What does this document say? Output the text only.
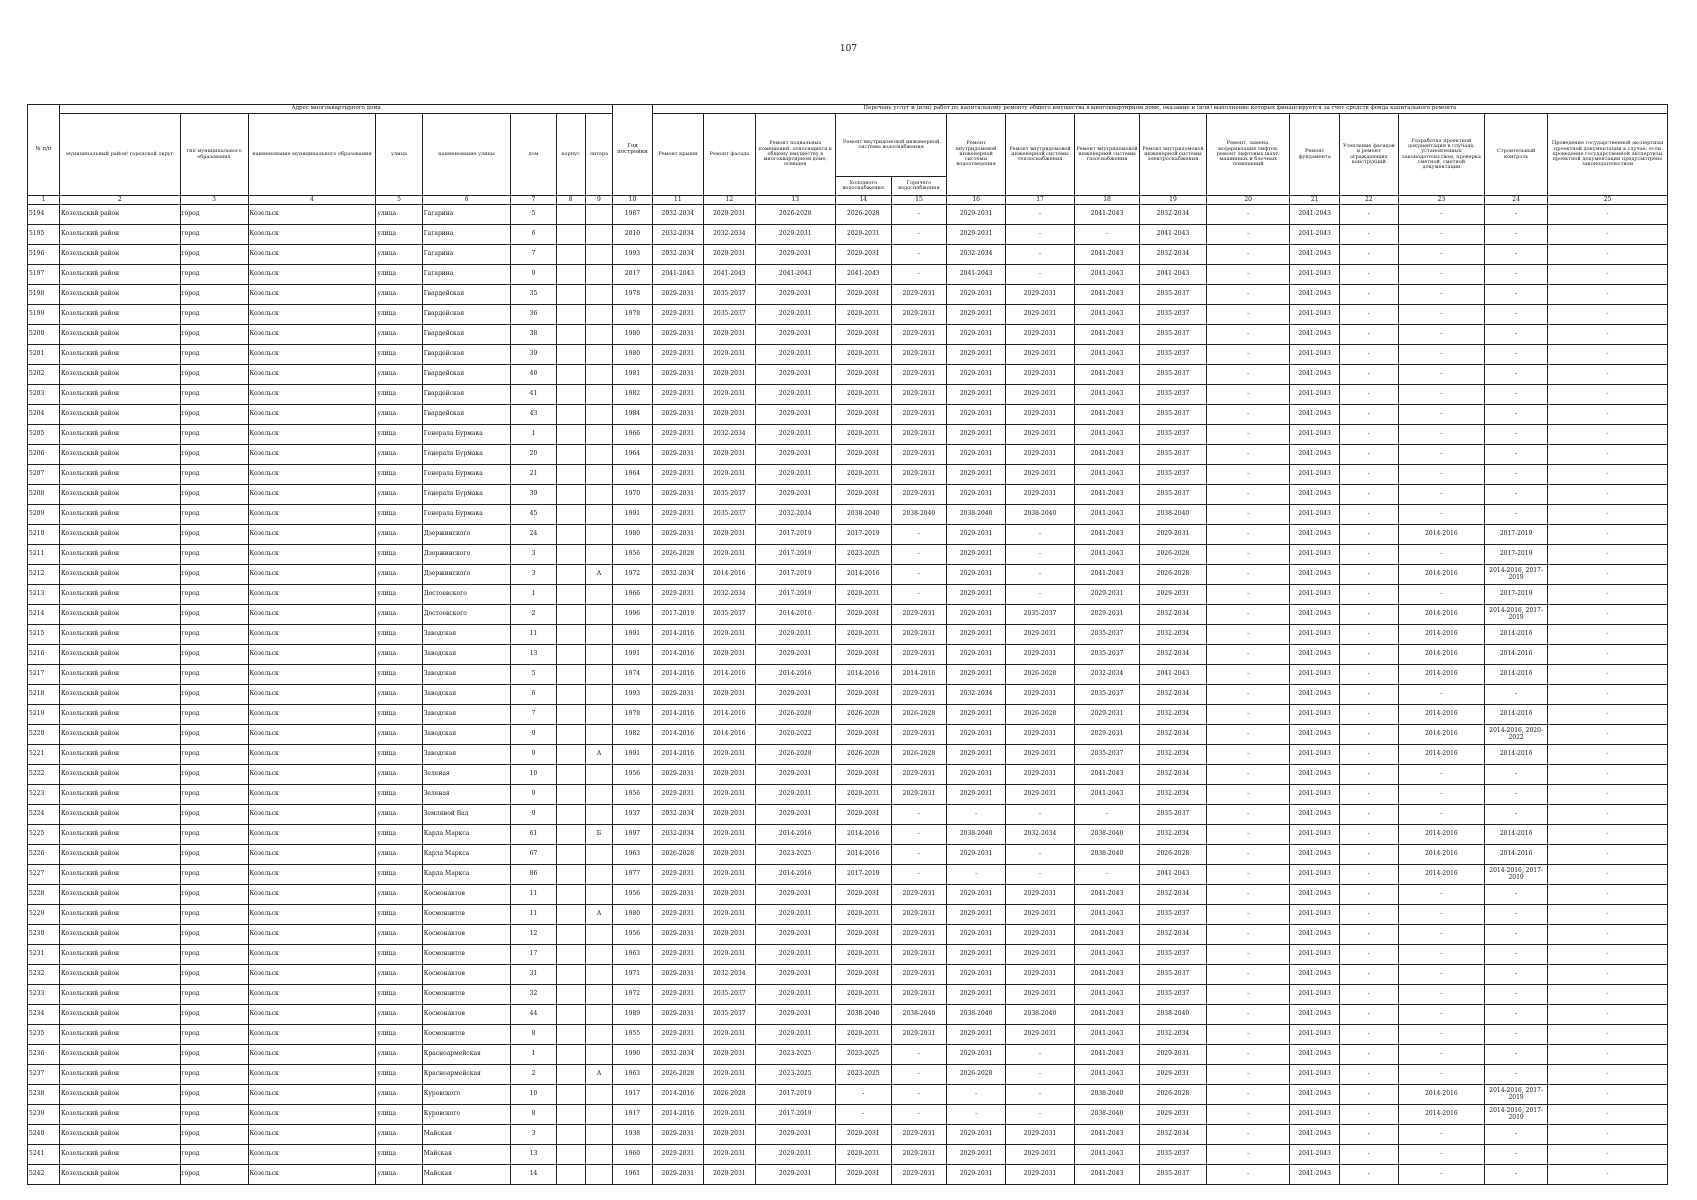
107
№ п/п	Адрес многоквартирного дома								Год постройки	Перечень услуг и (или) работ по капитальному ремонту общего имущества в многоквартирном доме, оказание и (или) выполнение которых финансируется за счет средств фонда капитального ремонта														
	муниципальный район/ городской округ	тип муниципального образования	наименование муниципального образования	улица	наименование улицы	дом	корпус	литера		Ремонт крыши	Ремонт фасада	Ремонт подвальных помещений, относящихся к общему имуществу в многоквартирном доме, освещен	Ремонт внутридомовой инженерной системы водоснабжения		Ремонт внутридомовой инженерной системы водоотведения	Ремонт внутридомовой инженерной системы теплоснабжения	Ремонт внутридомовой инженерной системы газоснабжения	Ремонт внутридомовой инженерной системы электроснабжения	Ремонт, замена, модернизация лифтов, ремонт лифтовых шахт, машинных и блочных помещений	Ремонт фундамента	Утепление фасадов и ремонт ограждающих конструкций	Разработка проектной документации в случаях, установленных законодательством, проверка сметной, сметной документации	Строительный контроль	Проведение государственной экспертизы проектной документации в случае, если проведение государственной экспертизы проектной документации предусмотрено законодательством
													Холодного водоснабжения	Горячего водоснабжения										
1	2	3	4	5	6	7	8	9	10	11	12	13	14	15	16	17	18	19	20	21	22	23	24	25
5194	Козельский район	город	Козельск	улица	Гагарина	5			1987	2032-2034	2029-2031	2026-2028	2026-2028	-	2029-2031	-	2041-2043	2032-2034	-	2041-2043	-	-	-	-
5195	Козельский район	город	Козельск	улица	Гагарина	6			2010	2032-2034	2032-2034	2029-2031	2029-2031	-	2029-2031	-	-	2041-2043	-	2041-2043	-	-	-	-
5196	Козельский район	город	Козельск	улица	Гагарина	7			1993	2032-2034	2029-2031	2029-2031	2029-2031	-	2032-2034	-	2041-2043	2032-2034	-	2041-2043	-	-	-	-
5197	Козельский район	город	Козельск	улица	Гагарина	9			2017	2041-2043	2041-2043	2041-2043	2041-2043	-	2041-2043	-	2041-2043	2041-2043	-	2041-2043	-	-	-	-
5198	Козельский район	город	Козельск	улица	Гвардейская	35			1978	2029-2031	2035-2037	2029-2031	2029-2031	2029-2031	2029-2031	2029-2031	2041-2043	2035-2037	-	2041-2043	-	-	-	-
5199	Козельский район	город	Козельск	улица	Гвардейская	36			1978	2029-2031	2035-2037	2029-2031	2029-2031	2029-2031	2029-2031	2029-2031	2041-2043	2035-2037	-	2041-2043	-	-	-	-
5200	Козельский район	город	Козельск	улица	Гвардейская	38			1980	2029-2031	2029-2031	2029-2031	2029-2031	2029-2031	2029-2031	2029-2031	2041-2043	2035-2037	-	2041-2043	-	-	-	-
5201	Козельский район	город	Козельск	улица	Гвардейская	39			1980	2029-2031	2029-2031	2029-2031	2029-2031	2029-2031	2029-2031	2029-2031	2041-2043	2035-2037	-	2041-2043	-	-	-	-
5202	Козельский район	город	Козельск	улица	Гвардейская	40			1981	2029-2031	2029-2031	2029-2031	2029-2031	2029-2031	2029-2031	2029-2031	2041-2043	2035-2037	-	2041-2043	-	-	-	-
5203	Козельский район	город	Козельск	улица	Гвардейская	41			1982	2029-2031	2029-2031	2029-2031	2029-2031	2029-2031	2029-2031	2029-2031	2041-2043	2035-2037	-	2041-2043	-	-	-	-
5204	Козельский район	город	Козельск	улица	Гвардейская	43			1984	2029-2031	2029-2031	2029-2031	2029-2031	2029-2031	2029-2031	2029-2031	2041-2043	2035-2037	-	2041-2043	-	-	-	-
5205	Козельский район	город	Козельск	улица	Генерала Бурмака	1			1966	2029-2031	2032-2034	2029-2031	2029-2031	2029-2031	2029-2031	2029-2031	2041-2043	2035-2037	-	2041-2043	-	-	-	-
5206	Козельский район	город	Козельск	улица	Генерала Бурмака	20			1964	2029-2031	2029-2031	2029-2031	2029-2031	2029-2031	2029-2031	2029-2031	2041-2043	2035-2037	-	2041-2043	-	-	-	-
5207	Козельский район	город	Козельск	улица	Генерала Бурмака	21			1964	2029-2031	2029-2031	2029-2031	2029-2031	2029-2031	2029-2031	2029-2031	2041-2043	2035-2037	-	2041-2043	-	-	-	-
5208	Козельский район	город	Козельск	улица	Генерала Бурмака	39			1970	2029-2031	2035-2037	2029-2031	2029-2031	2029-2031	2029-2031	2029-2031	2041-2043	2035-2037	-	2041-2043	-	-	-	-
5209	Козельский район	город	Козельск	улица	Генерала Бурмака	45			1991	2029-2031	2035-2037	2032-2034	2038-2040	2038-2040	2038-2040	2038-2040	2041-2043	2038-2040	-	2041-2043	-	-	-	-
5210	Козельский район	город	Козельск	улица	Дзержинского	24			1980	2029-2031	2029-2031	2017-2019	2017-2019	-	2029-2031	-	2041-2043	2029-2031	-	2041-2043	-	2014-2016	2017-2019	-
5211	Козельский район	город	Козельск	улица	Дзержинского	3			1956	2026-2028	2029-2031	2017-2019	2023-2025	-	2029-2031	-	2041-2043	2026-2028	-	2041-2043	-	-	2017-2019	-
5212	Козельский район	город	Козельск	улица	Дзержинского	3		А	1972	2032-2034	2014-2016	2017-2019	2014-2016	-	2029-2031	-	2041-2043	2026-2028	-	2041-2043	-	2014-2016	2014-2016, 2017-2019	-
5213	Козельский район	город	Козельск	улица	Достоевского	1			1966	2029-2031	2032-2034	2017-2019	2029-2031	-	2029-2031	-	2029-2031	2029-2031	-	2041-2043	-	-	2017-2019	-
5214	Козельский район	город	Козельск	улица	Достоевского	2			1996	2017-2019	2035-2037	2014-2016	2029-2031	2029-2031	2029-2031	2035-2037	2029-2031	2032-2034	-	2041-2043	-	2014-2016	2014-2016, 2017-2019	-
5215	Козельский район	город	Козельск	улица	Заводская	11			1991	2014-2016	2029-2031	2029-2031	2029-2031	2029-2031	2029-2031	2029-2031	2035-2037	2032-2034	-	2041-2043	-	2014-2016	2014-2016	-
5216	Козельский район	город	Козельск	улица	Заводская	13			1991	2014-2016	2029-2031	2029-2031	2029-2031	2029-2031	2029-2031	2029-2031	2035-2037	2032-2034	-	2041-2043	-	2014-2016	2014-2016	-
5217	Козельский район	город	Козельск	улица	Заводская	5			1974	2014-2016	2014-2016	2014-2016	2014-2016	2014-2016	2029-2031	2026-2028	2032-2034	2041-2043	-	2041-2043	-	2014-2016	2014-2016	-
5218	Козельский район	город	Козельск	улица	Заводская	6			1993	2029-2031	2029-2031	2029-2031	2029-2031	2029-2031	2032-2034	2029-2031	2035-2037	2032-2034	-	2041-2043	-	-	-	-
5219	Козельский район	город	Козельск	улица	Заводская	7			1978	2014-2016	2014-2016	2026-2028	2026-2028	2026-2028	2029-2031	2026-2028	2029-2031	2032-2034	-	2041-2043	-	2014-2016	2014-2016	-
5220	Козельский район	город	Козельск	улица	Заводская	9			1982	2014-2016	2014-2016	2020-2022	2029-2031	2029-2031	2029-2031	2029-2031	2029-2031	2032-2034	-	2041-2043	-	2014-2016	2014-2016, 2020-2022	-
5221	Козельский район	город	Козельск	улица	Заводская	9		А	1991	2014-2016	2029-2031	2026-2028	2026-2028	2026-2028	2029-2031	2029-2031	2035-2037	2032-2034	-	2041-2043	-	2014-2016	2014-2016	-
5222	Козельский район	город	Козельск	улица	Зеленая	10			1956	2029-2031	2029-2031	2029-2031	2029-2031	2029-2031	2029-2031	2029-2031	2041-2043	2032-2034	-	2041-2043	-	-	-	-
5223	Козельский район	город	Козельск	улица	Зеленая	9			1956	2029-2031	2029-2031	2029-2031	2029-2031	2029-2031	2029-2031	2029-2031	2041-2043	2032-2034	-	2041-2043	-	-	-	-
5224	Козельский район	город	Козельск	улица	Земляной Вал	9			1937	2032-2034	2029-2031	2029-2031	2029-2031	-	-	-	-	2035-2037	-	2041-2043	-	-	-	-
5225	Козельский район	город	Козельск	улица	Карла Маркса	61		Б	1997	2032-2034	2029-2031	2014-2016	2014-2016	-	2038-2040	2032-2034	2038-2040	2032-2034	-	2041-2043	-	2014-2016	2014-2016	-
5226	Козельский район	город	Козельск	улица	Карла Маркса	67			1963	2026-2028	2029-2031	2023-2025	2014-2016	-	2029-2031	-	2038-2040	2026-2028	-	2041-2043	-	2014-2016	2014-2016	-
5227	Козельский район	город	Козельск	улица	Карла Маркса	86			1977	2029-2031	2029-2031	2014-2016	2017-2019	-	-	-	-	2041-2043	-	2041-2043	-	2014-2016	2014-2016, 2017-2019	-
5228	Козельский район	город	Козельск	улица	Космонавтов	11			1956	2029-2031	2029-2031	2029-2031	2029-2031	2029-2031	2029-2031	2029-2031	2041-2043	2032-2034	-	2041-2043	-	-	-	-
5229	Козельский район	город	Козельск	улица	Космонавтов	11		А	1980	2029-2031	2029-2031	2029-2031	2029-2031	2029-2031	2029-2031	2029-2031	2041-2043	2035-2037	-	2041-2043	-	-	-	-
5230	Козельский район	город	Козельск	улица	Космонавтов	12			1956	2029-2031	2029-2031	2029-2031	2029-2031	2029-2031	2029-2031	2029-2031	2041-2043	2032-2034	-	2041-2043	-	-	-	-
5231	Козельский район	город	Козельск	улица	Космонавтов	17			1963	2029-2031	2029-2031	2029-2031	2029-2031	2029-2031	2029-2031	2029-2031	2041-2043	2035-2037	-	2041-2043	-	-	-	-
5232	Козельский район	город	Козельск	улица	Космонавтов	31			1971	2029-2031	2032-2034	2029-2031	2029-2031	2029-2031	2029-2031	2029-2031	2041-2043	2035-2037	-	2041-2043	-	-	-	-
5233	Козельский район	город	Козельск	улица	Космонавтов	32			1972	2029-2031	2035-2037	2029-2031	2029-2031	2029-2031	2029-2031	2029-2031	2041-2043	2035-2037	-	2041-2043	-	-	-	-
5234	Козельский район	город	Козельск	улица	Космонавтов	44			1989	2029-2031	2035-2037	2029-2031	2038-2040	2038-2040	2038-2040	2038-2040	2041-2043	2038-2040	-	2041-2043	-	-	-	-
5235	Козельский район	город	Козельск	улица	Космонавтов	8			1955	2029-2031	2029-2031	2029-2031	2029-2031	2029-2031	2029-2031	2029-2031	2041-2043	2032-2034	-	2041-2043	-	-	-	-
5236	Козельский район	город	Козельск	улица	Красноармейская	1			1990	2032-2034	2029-2031	2023-2025	2023-2025	-	2029-2031	-	2041-2043	2029-2031	-	2041-2043	-	-	-	-
5237	Козельский район	город	Козельск	улица	Красноармейская	2		А	1963	2026-2028	2029-2031	2023-2025	2023-2025	-	2026-2028	-	2041-2043	2029-2031	-	2041-2043	-	-	-	-
5238	Козельский район	город	Козельск	улица	Куровского	10			1917	2014-2016	2026-2028	2017-2019	-	-	-	-	2038-2040	2026-2028	-	2041-2043	-	2014-2016	2014-2016, 2017-2019	-
5239	Козельский район	город	Козельск	улица	Куровского	8			1917	2014-2016	2029-2031	2017-2019	-	-	-	-	2038-2040	2029-2031	-	2041-2043	-	2014-2016	2014-2016, 2017-2019	-
5240	Козельский район	город	Козельск	улица	Майская	3			1938	2029-2031	2029-2031	2029-2031	2029-2031	2029-2031	2029-2031	2029-2031	2041-2043	2032-2034	-	2041-2043	-	-	-	-
5241	Козельский район	город	Козельск	улица	Майская	13			1960	2029-2031	2029-2031	2029-2031	2029-2031	2029-2031	2029-2031	2029-2031	2041-2043	2035-2037	-	2041-2043	-	-	-	-
5242	Козельский район	город	Козельск	улица	Майская	14			1961	2029-2031	2029-2031	2029-2031	2029-2031	2029-2031	2029-2031	2029-2031	2041-2043	2035-2037	-	2041-2043	-	-	-	-
